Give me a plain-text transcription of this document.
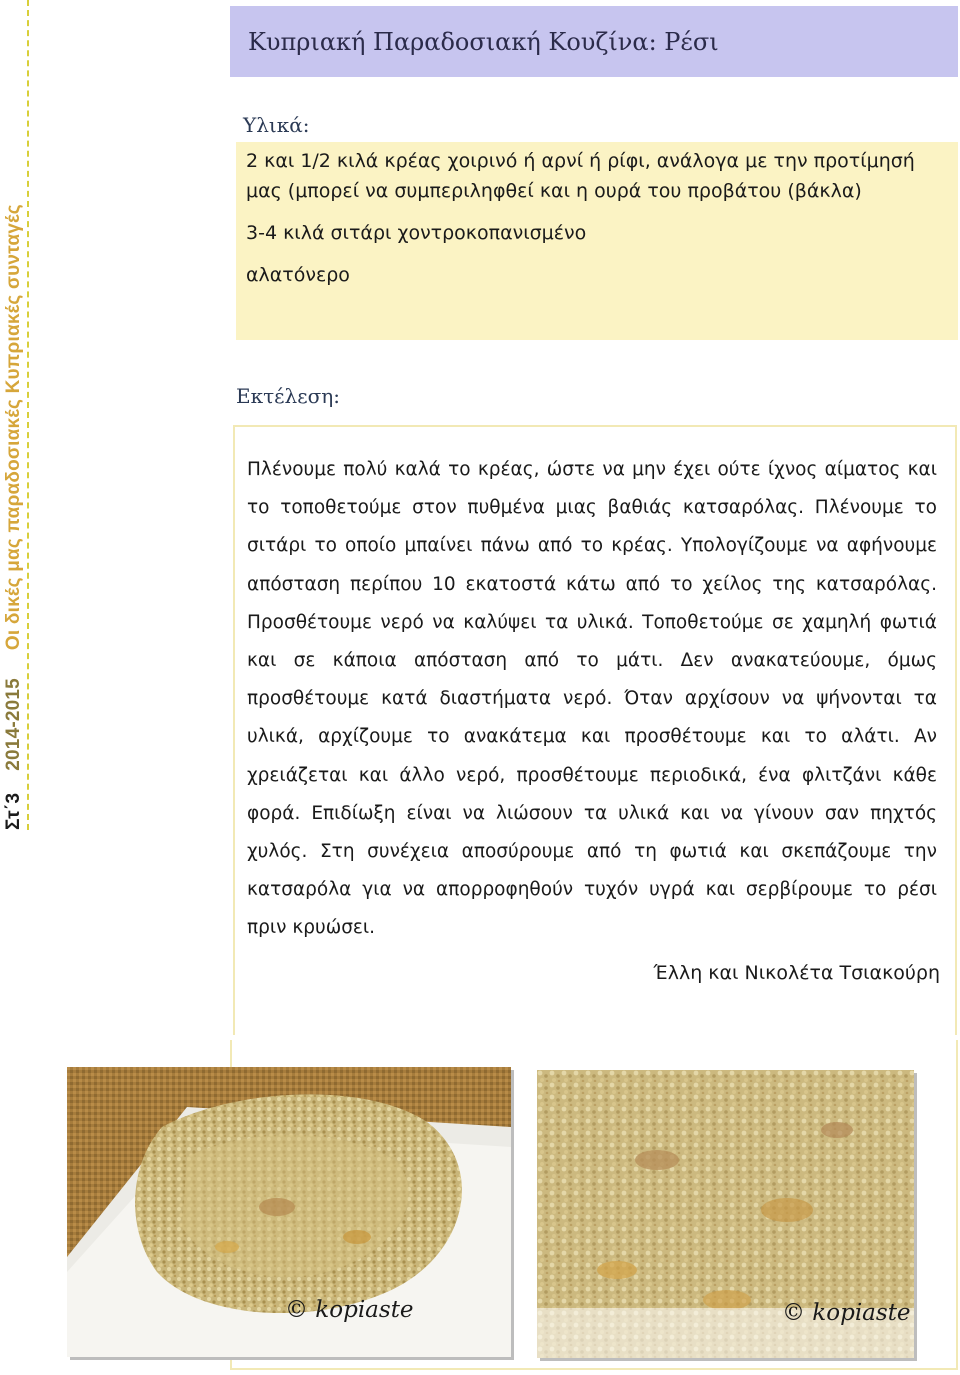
Στ΄3
2014-2015
Οι δικές μας παραδοσιακές Κυπριακές συνταγές
Κυπριακή Παραδοσιακή Κουζίνα: Ρέσι
Υλικά:

2 και 1/2 κιλά κρέας χοιρινό ή αρνί ή ρίφι, ανάλογα με την προτίμησή μας (μπορεί να συμπεριληφθεί και η ουρά του προβάτου (βάκλα)

3-4 κιλά σιτάρι χοντροκοπανισμένο

αλατόνερο

Εκτέλεση:

Πλένουμε πολύ καλά το κρέας, ώστε να μην έχει ούτε ίχνος αίματος και το τοποθετούμε στον πυθμένα μιας βαθιάς κατσαρόλας. Πλένουμε το σιτάρι το οποίο μπαίνει πάνω από το κρέας. Υπολογίζουμε να αφήνουμε απόσταση περίπου 10 εκατοστά κάτω από το χείλος της κατσαρόλας. Προσθέτουμε νερό να καλύψει τα υλικά. Τοποθετούμε σε χαμηλή φωτιά και σε κάποια απόσταση από το μάτι. Δεν ανακατεύουμε, όμως προσθέτουμε κατά διαστήματα νερό. Όταν αρχίσουν να ψήνονται τα υλικά, αρχίζουμε το ανακάτεμα και προσθέτουμε και το αλάτι. Αν χρειάζεται και άλλο νερό, προσθέτουμε περιοδικά, ένα φλιτζάνι κάθε φορά. Επιδίωξη είναι να λιώσουν τα υλικά και να γίνουν σαν πηχτός χυλός. Στη συνέχεια αποσύρουμε από τη φωτιά και σκεπάζουμε την κατσαρόλα για να απορροφηθούν τυχόν υγρά και σερβίρουμε το ρέσι πριν κρυώσει.

Έλλη και Νικολέτα Τσιακούρη
© kopiaste	© kopiaste
